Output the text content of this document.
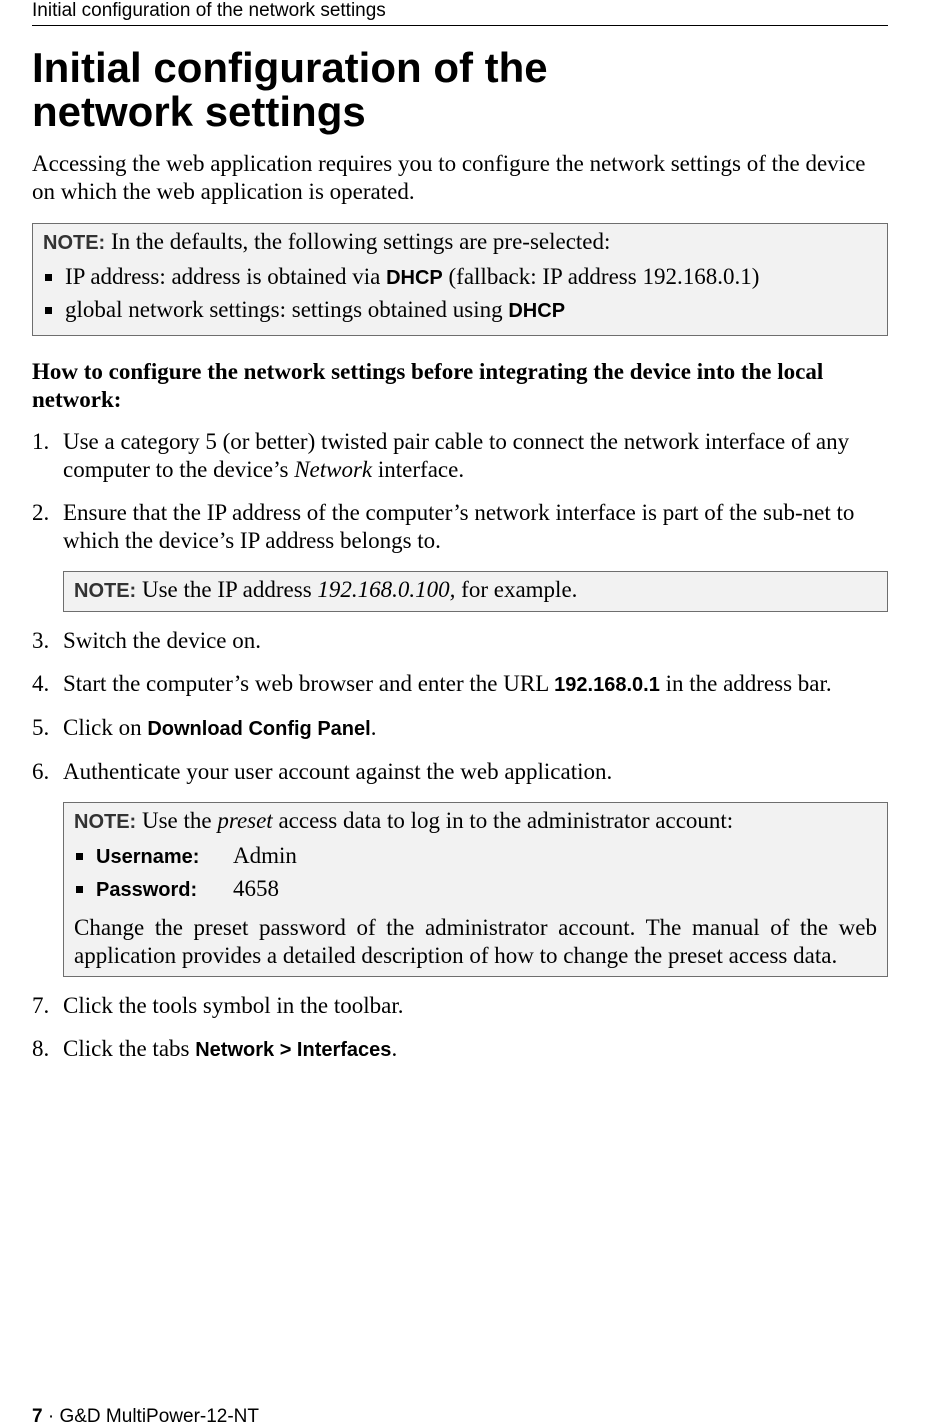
Initial configuration of the network settings
Initial configuration of the
network settings

Accessing the web application requires you to configure the network settings of the device on which the web application is operated.

NOTE: In the defaults, the following settings are pre-selected:
IP address: address is obtained via DHCP (fallback: IP address 192.168.0.1)
global network settings: settings obtained using DHCP

How to configure the network settings before integrating the device into the local network:

1. Use a category 5 (or better) twisted pair cable to connect the network interface of any computer to the device’s Network interface.
2. Ensure that the IP address of the computer’s network interface is part of the sub-net to which the device’s IP address belongs to.
NOTE: Use the IP address 192.168.0.100, for example.
3. Switch the device on.
4. Start the computer’s web browser and enter the URL 192.168.0.1 in the address bar.
5. Click on Download Config Panel.
6. Authenticate your user account against the web application.
NOTE: Use the preset access data to log in to the administrator account:
Username: Admin
Password: 4658
Change the preset password of the administrator account. The manual of the web application provides a detailed description of how to change the preset access data.
7. Click the tools symbol in the toolbar.
8. Click the tabs Network > Interfaces.
7 · G&D MultiPower-12-NT
